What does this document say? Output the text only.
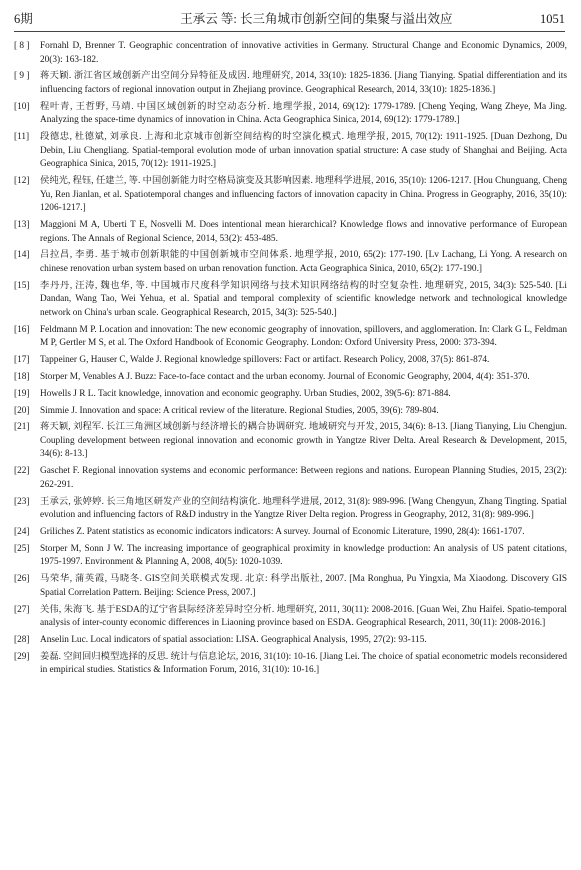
6期	王承云 等: 长三角城市创新空间的集聚与溢出效应	1051
[ 8 ]	Fornahl D, Brenner T. Geographic concentration of innovative activities in Germany. Structural Change and Economic Dynamics, 2009, 20(3): 163-182.
[ 9 ]	蒋天颖. 浙江省区域创新产出空间分异特征及成因. 地理研究, 2014, 33(10): 1825-1836. [Jiang Tianying. Spatial differentiation and its influencing factors of regional innovation output in Zhejiang province. Geographical Research, 2014, 33(10): 1825-1836.]
[10]	程叶青, 王哲野, 马靖. 中国区域创新的时空动态分析. 地理学报, 2014, 69(12): 1779-1789. [Cheng Yeqing, Wang Zheye, Ma Jing. Analyzing the space-time dynamics of innovation in China. Acta Geographica Sinica, 2014, 69(12): 1779-1789.]
[11]	段德忠, 杜德斌, 刘承良. 上海和北京城市创新空间结构的时空演化模式. 地理学报, 2015, 70(12): 1911-1925. [Duan Dezhong, Du Debin, Liu Chengliang. Spatial-temporal evolution mode of urban innovation spatial structure: A case study of Shanghai and Beijing. Acta Geographica Sinica, 2015, 70(12): 1911-1925.]
[12]	侯纯光, 程钰, 任建兰, 等. 中国创新能力时空格局演变及其影响因素. 地理科学进展, 2016, 35(10): 1206-1217. [Hou Chunguang, Cheng Yu, Ren Jianlan, et al. Spatiotemporal changes and influencing factors of innovation capacity in China. Progress in Geography, 2016, 35(10): 1206-1217.]
[13]	Maggioni M A, Uberti T E, Nosvelli M. Does intentional mean hierarchical? Knowledge flows and innovative performance of European regions. The Annals of Regional Science, 2014, 53(2): 453-485.
[14]	吕拉昌, 李勇. 基于城市创新职能的中国创新城市空间体系. 地理学报, 2010, 65(2): 177-190. [Lv Lachang, Li Yong. A research on chinese renovation urban system based on urban renovation function. Acta Geographica Sinica, 2010, 65(2): 177-190.]
[15]	李丹丹, 汪涛, 魏也华, 等. 中国城市尺度科学知识网络与技术知识网络结构的时空复杂性. 地理研究, 2015, 34(3): 525-540. [Li Dandan, Wang Tao, Wei Yehua, et al. Spatial and temporal complexity of scientific knowledge network and technological knowledge network on China's urban scale. Geographical Research, 2015, 34(3): 525-540.]
[16]	Feldmann M P. Location and innovation: The new economic geography of innovation, spillovers, and agglomeration. In: Clark G L, Feldman M P, Gertler M S, et al. The Oxford Handbook of Economic Geography. London: Oxford University Press, 2000: 373-394.
[17]	Tappeiner G, Hauser C, Walde J. Regional knowledge spillovers: Fact or artifact. Research Policy, 2008, 37(5): 861-874.
[18]	Storper M, Venables A J. Buzz: Face-to-face contact and the urban economy. Journal of Economic Geography, 2004, 4(4): 351-370.
[19]	Howells J R L. Tacit knowledge, innovation and economic geography. Urban Studies, 2002, 39(5-6): 871-884.
[20]	Simmie J. Innovation and space: A critical review of the literature. Regional Studies, 2005, 39(6): 789-804.
[21]	蒋天颖, 刘程军. 长江三角洲区域创新与经济增长的耦合协调研究. 地域研究与开发, 2015, 34(6): 8-13. [Jiang Tianying, Liu Chengjun. Coupling development between regional innovation and economic growth in Yangtze River Delta. Areal Research & Development, 2015, 34(6): 8-13.]
[22]	Gaschet F. Regional innovation systems and economic performance: Between regions and nations. European Planning Studies, 2015, 23(2): 262-291.
[23]	王承云, 张婷婷. 长三角地区研发产业的空间结构演化. 地理科学进展, 2012, 31(8): 989-996. [Wang Chengyun, Zhang Tingting. Spatial evolution and influencing factors of R&D industry in the Yangtze River Delta region. Progress in Geography, 2012, 31(8): 989-996.]
[24]	Griliches Z. Patent statistics as economic indicators indicators: A survey. Journal of Economic Literature, 1990, 28(4): 1661-1707.
[25]	Storper M, Sonn J W. The increasing importance of geographical proximity in knowledge production: An analysis of US patent citations, 1975-1997. Environment & Planning A, 2008, 40(5): 1020-1039.
[26]	马荣华, 蒲英霞, 马晓冬. GIS空间关联模式发现. 北京: 科学出版社, 2007. [Ma Ronghua, Pu Yingxia, Ma Xiaodong. Discovery GIS Spatial Correlation Pattern. Beijing: Science Press, 2007.]
[27]	关伟, 朱海飞. 基于ESDA的辽宁省县际经济差异时空分析. 地理研究, 2011, 30(11): 2008-2016. [Guan Wei, Zhu Haifei. Spatio-temporal analysis of inter-county economic differences in Liaoning province based on ESDA. Geographical Research, 2011, 30(11): 2008-2016.]
[28]	Anselin Luc. Local indicators of spatial association: LISA. Geographical Analysis, 1995, 27(2): 93-115.
[29]	姜磊. 空间回归模型选择的反思. 统计与信息论坛, 2016, 31(10): 10-16. [Jiang Lei. The choice of spatial econometric models reconsidered in empirical studies. Statistics & Information Forum, 2016, 31(10): 10-16.]
